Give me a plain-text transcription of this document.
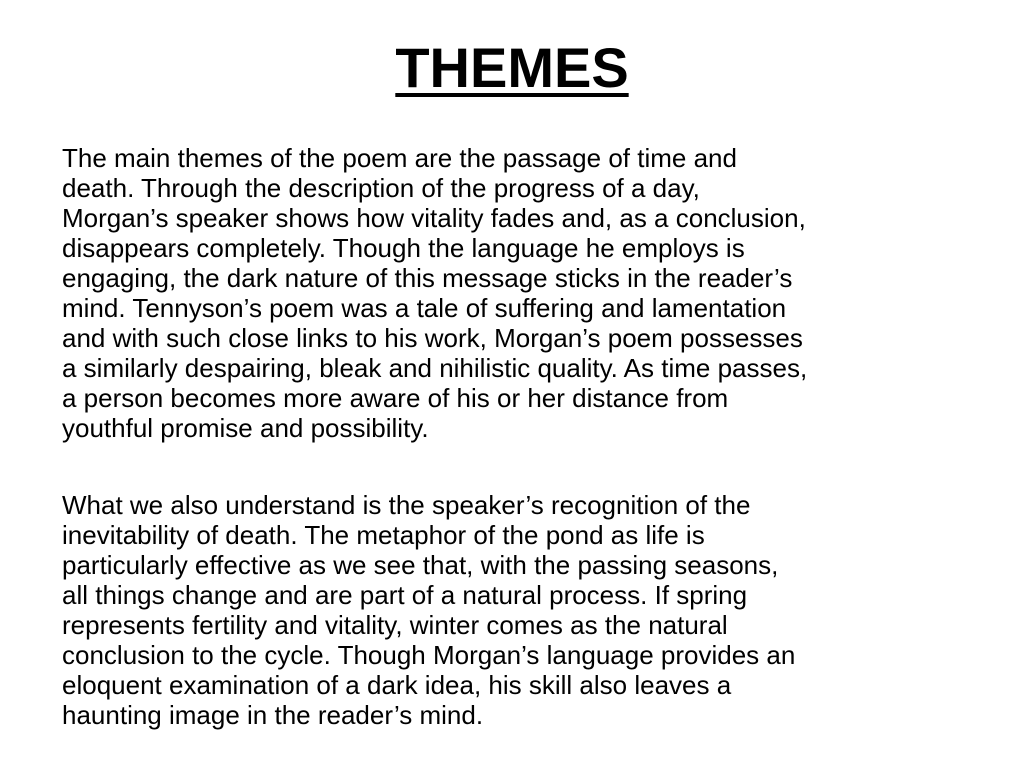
THEMES

The main themes of the poem are the passage of time and
death. Through the description of the progress of a day,
Morgan’s speaker shows how vitality fades and, as a conclusion,
disappears completely. Though the language he employs is
engaging, the dark nature of this message sticks in the reader’s
mind. Tennyson’s poem was a tale of suffering and lamentation
and with such close links to his work, Morgan’s poem possesses
a similarly despairing, bleak and nihilistic quality. As time passes,
a person becomes more aware of his or her distance from
youthful promise and possibility.

What we also understand is the speaker’s recognition of the
inevitability of death. The metaphor of the pond as life is
particularly effective as we see that, with the passing seasons,
all things change and are part of a natural process. If spring
represents fertility and vitality, winter comes as the natural
conclusion to the cycle. Though Morgan’s language provides an
eloquent examination of a dark idea, his skill also leaves a
haunting image in the reader’s mind.
